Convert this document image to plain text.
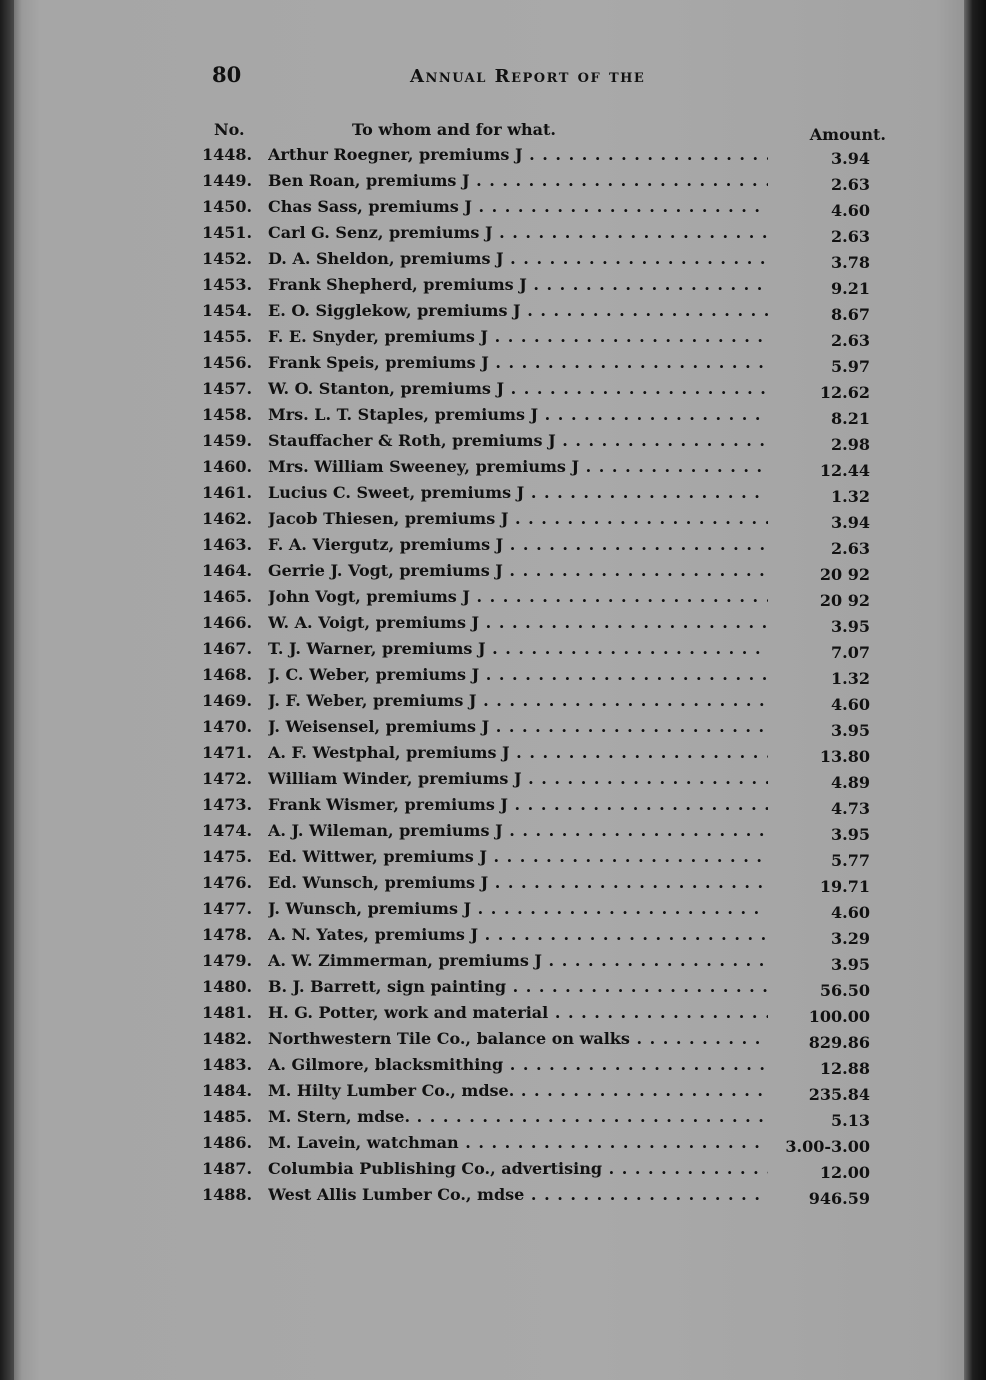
80	Annual Report of the
No.	To whom and for what.	Amount.
1448. Arthur Roegner, premiums J . . .	3.94
1449. Ben Roan, premiums J . . .	2.63
1450. Chas Sass, premiums J . . .	4.60
1451. Carl G. Senz, premiums J . . .	2.63
1452. D. A. Sheldon, premiums J . . .	3.78
1453. Frank Shepherd, premiums J . . .	9.21
1454. E. O. Sigglekow, premiums J . . .	8.67
1455. F. E. Snyder, premiums J . . .	2.63
1456. Frank Speis, premiums J . . .	5.97
1457. W. O. Stanton, premiums J . . .	12.62
1458. Mrs. L. T. Staples, premiums J . . .	8.21
1459. Stauffacher & Roth, premiums J . . .	2.98
1460. Mrs. William Sweeney, premiums J . . .	12.44
1461. Lucius C. Sweet, premiums J . . .	1.32
1462. Jacob Thiesen, premiums J . . .	3.94
1463. F. A. Viergutz, premiums J . . .	2.63
1464. Gerrie J. Vogt, premiums J . . .	20 92
1465. John Vogt, premiums J . . .	20 92
1466. W. A. Voigt, premiums J . . .	3.95
1467. T. J. Warner, premiums J . . .	7.07
1468. J. C. Weber, premiums J . . .	1.32
1469. J. F. Weber, premiums J . . .	4.60
1470. J. Weisensel, premiums J . . .	3.95
1471. A. F. Westphal, premiums J . . .	13.80
1472. William Winder, premiums J . . .	4.89
1473. Frank Wismer, premiums J . . .	4.73
1474. A. J. Wileman, premiums J . . .	3.95
1475. Ed. Wittwer, premiums J . . .	5.77
1476. Ed. Wunsch, premiums J . . .	19.71
1477. J. Wunsch, premiums J . . .	4.60
1478. A. N. Yates, premiums J . . .	3.29
1479. A. W. Zimmerman, premiums J . . .	3.95
1480. B. J. Barrett, sign painting . . .	56.50
1481. H. G. Potter, work and material . . .	100.00
1482. Northwestern Tile Co., balance on walks . . .	829.86
1483. A. Gilmore, blacksmithing . . .	12.88
1484. M. Hilty Lumber Co., mdse. . . .	235.84
1485. M. Stern, mdse. . . .	5.13
1486. M. Lavein, watchman . . .	3.00-3.00
1487. Columbia Publishing Co., advertising . . .	12.00
1488. West Allis Lumber Co., mdse . . .	946.59
